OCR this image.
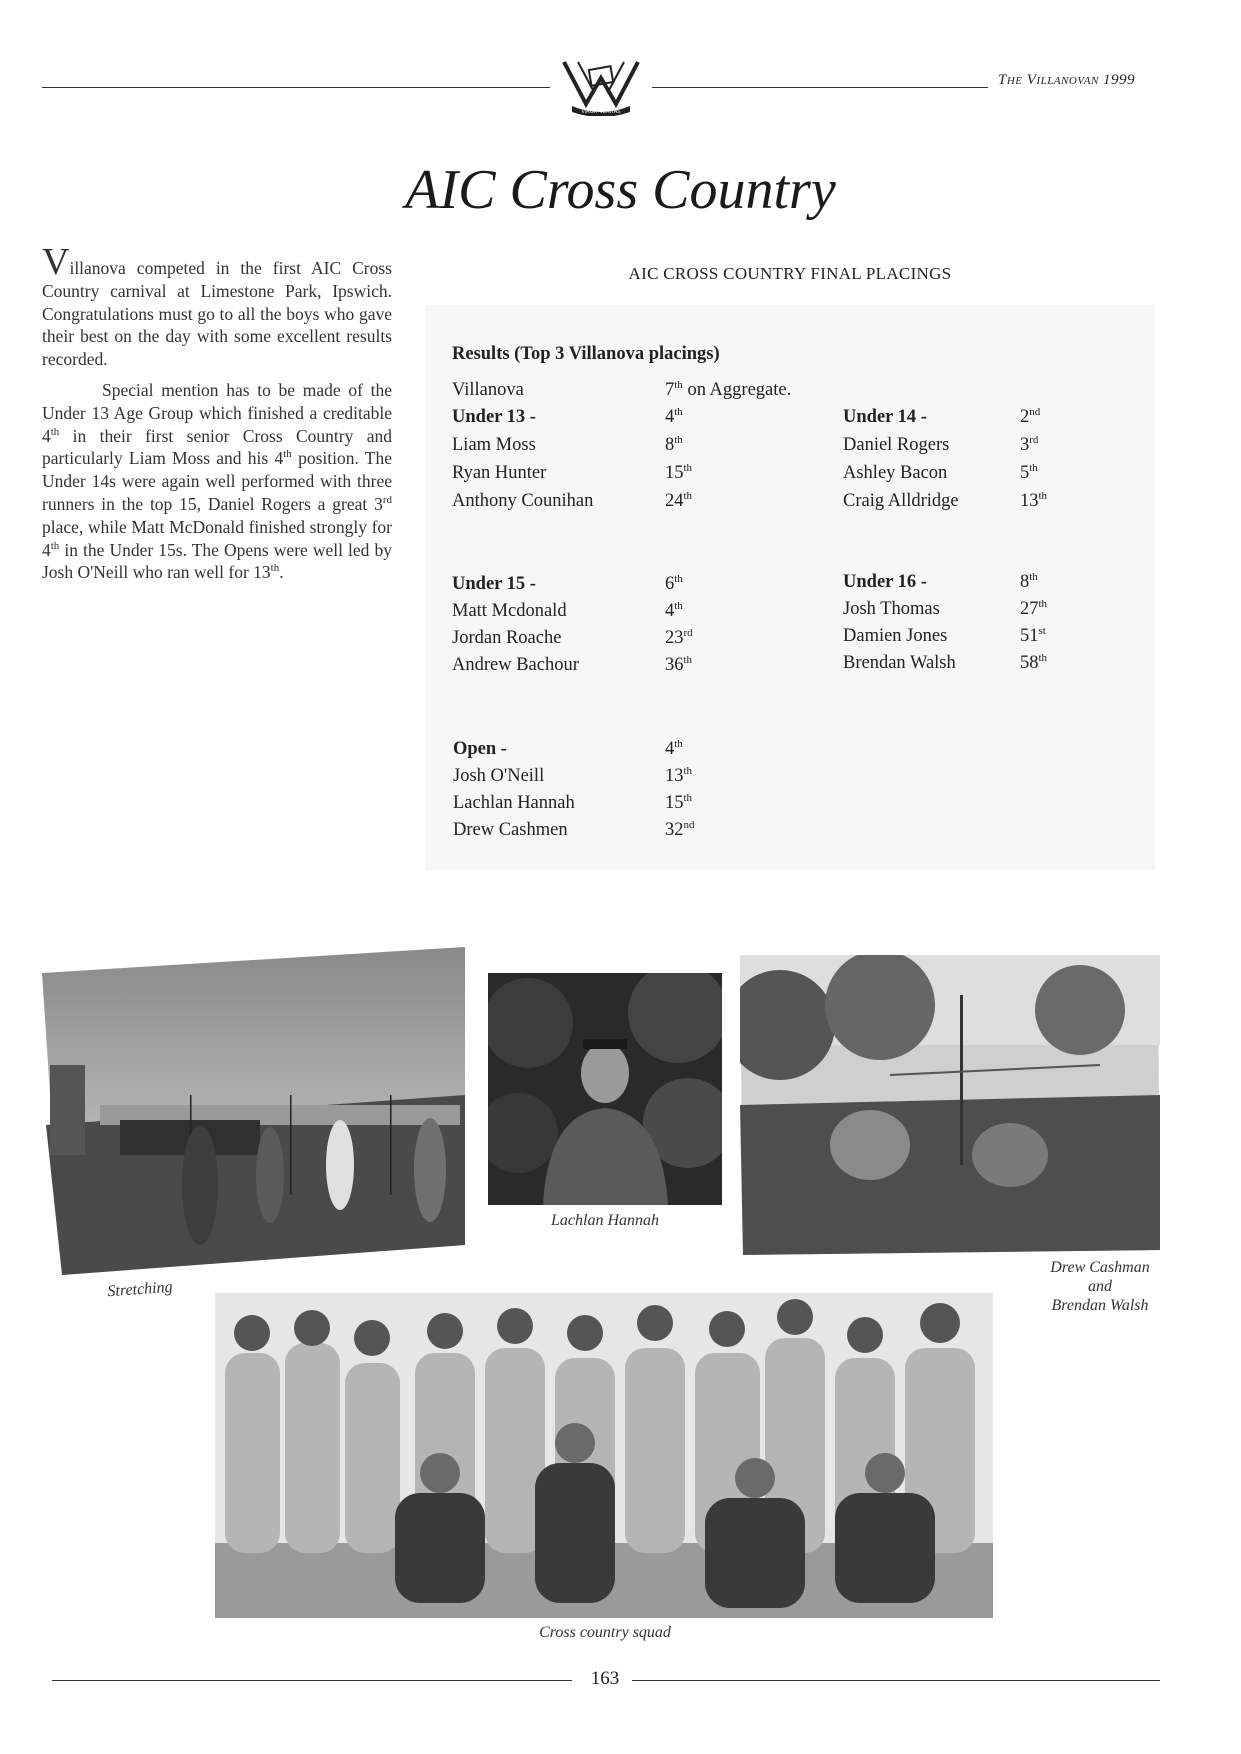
VIRGIT VERITAS
The Villanovan 1999
AIC Cross Country

Villanova competed in the first AIC Cross Country carnival at Limestone Park, Ipswich. Congratulations must go to all the boys who gave their best on the day with some excellent results recorded.

Special mention has to be made of the Under 13 Age Group which finished a creditable 4th in their first senior Cross Country and particularly Liam Moss and his 4th position. The Under 14s were again well performed with three runners in the top 15, Daniel Rogers a great 3rd place, while Matt McDonald finished strongly for 4th in the Under 15s. The Opens were well led by Josh O'Neill who ran well for 13th.

AIC CROSS COUNTRY FINAL PLACINGS
Results (Top 3 Villanova placings)
Villanova	7th on Aggregate.
Under 13 -	4th
Liam Moss	8th
Ryan Hunter	15th
Anthony Counihan	24th
Under 14 -	2nd
Daniel Rogers	3rd
Ashley Bacon	5th
Craig Alldridge	13th
Under 15 -	6th
Matt Mcdonald	4th
Jordan Roache	23rd
Andrew Bachour	36th
Under 16 -	8th
Josh Thomas	27th
Damien Jones	51st
Brendan Walsh	58th
Open -	4th
Josh O'Neill	13th
Lachlan Hannah	15th
Drew Cashmen	32nd
Stretching
Lachlan Hannah
Drew Cashman
and
Brendan Walsh
Cross country squad
163
